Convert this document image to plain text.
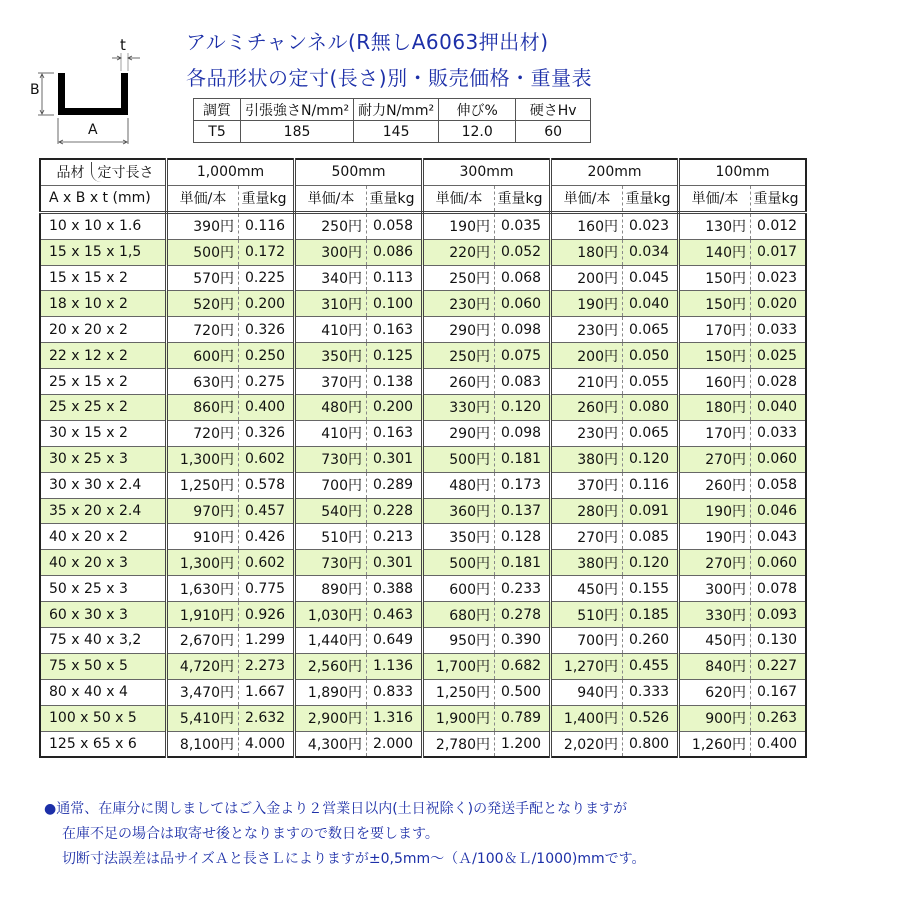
アルミチャンネル(R無しA6063押出材)
各品形状の定寸(長さ)別・販売価格・重量表
B
A
t
調質	引張強さN/mm²	耐力N/mm²	伸び%	硬さHv
T5	185	145	12.0	60
品材 定寸長さ	1,000mm		500mm		300mm		200mm		100mm	
A x B x t (mm)	単価/本	重量kg	単価/本	重量kg	単価/本	重量kg	単価/本	重量kg	単価/本	重量kg
10 x 10 x 1.6	390円	0.116	250円	0.058	190円	0.035	160円	0.023	130円	0.012
15 x 15 x 1,5	500円	0.172	300円	0.086	220円	0.052	180円	0.034	140円	0.017
15 x 15 x 2	570円	0.225	340円	0.113	250円	0.068	200円	0.045	150円	0.023
18 x 10 x 2	520円	0.200	310円	0.100	230円	0.060	190円	0.040	150円	0.020
20 x 20 x 2	720円	0.326	410円	0.163	290円	0.098	230円	0.065	170円	0.033
22 x 12 x 2	600円	0.250	350円	0.125	250円	0.075	200円	0.050	150円	0.025
25 x 15 x 2	630円	0.275	370円	0.138	260円	0.083	210円	0.055	160円	0.028
25 x 25 x 2	860円	0.400	480円	0.200	330円	0.120	260円	0.080	180円	0.040
30 x 15 x 2	720円	0.326	410円	0.163	290円	0.098	230円	0.065	170円	0.033
30 x 25 x 3	1,300円	0.602	730円	0.301	500円	0.181	380円	0.120	270円	0.060
30 x 30 x 2.4	1,250円	0.578	700円	0.289	480円	0.173	370円	0.116	260円	0.058
35 x 20 x 2.4	970円	0.457	540円	0.228	360円	0.137	280円	0.091	190円	0.046
40 x 20 x 2	910円	0.426	510円	0.213	350円	0.128	270円	0.085	190円	0.043
40 x 20 x 3	1,300円	0.602	730円	0.301	500円	0.181	380円	0.120	270円	0.060
50 x 25 x 3	1,630円	0.775	890円	0.388	600円	0.233	450円	0.155	300円	0.078
60 x 30 x 3	1,910円	0.926	1,030円	0.463	680円	0.278	510円	0.185	330円	0.093
75 x 40 x 3,2	2,670円	1.299	1,440円	0.649	950円	0.390	700円	0.260	450円	0.130
75 x 50 x 5	4,720円	2.273	2,560円	1.136	1,700円	0.682	1,270円	0.455	840円	0.227
80 x 40 x 4	3,470円	1.667	1,890円	0.833	1,250円	0.500	940円	0.333	620円	0.167
100 x 50 x 5	5,410円	2.632	2,900円	1.316	1,900円	0.789	1,400円	0.526	900円	0.263
125 x 65 x 6	8,100円	4.000	4,300円	2.000	2,780円	1.200	2,020円	0.800	1,260円	0.400
●通常、在庫分に関しましてはご入金より２営業日以内(土日祝除く)の発送手配となりますが
在庫不足の場合は取寄せ後となりますので数日を要します。
切断寸法誤差は品サイズＡと長さＬによりますが±0,5mm～（Ａ/100＆Ｌ/1000)mmです。
